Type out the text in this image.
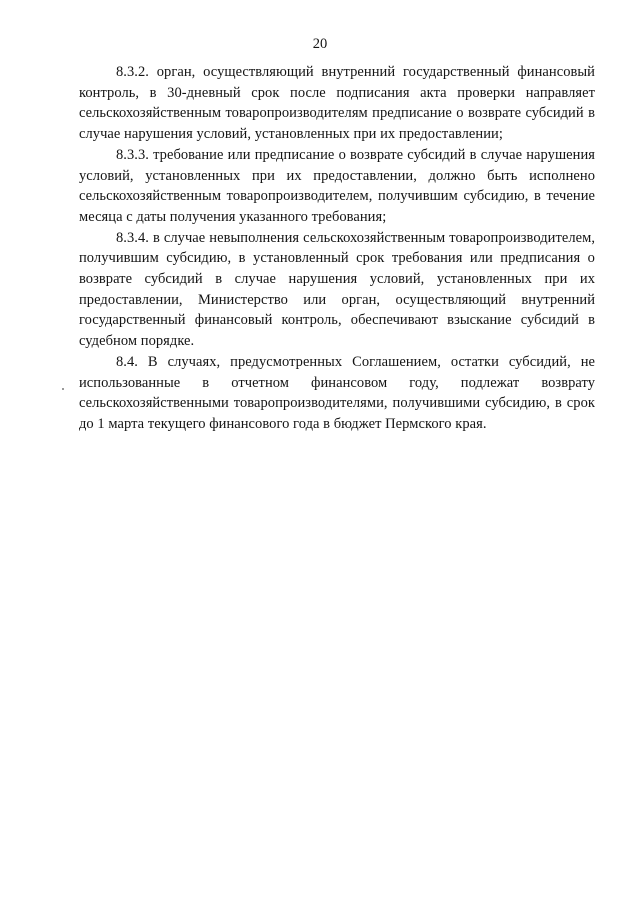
20

8.3.2. орган, осуществляющий внутренний государственный финансовый контроль, в 30-дневный срок после подписания акта проверки направляет сельскохозяйственным товаропроизводителям предписание о возврате субсидий в случае нарушения условий, установленных при их предоставлении;

8.3.3. требование или предписание о возврате субсидий в случае нарушения условий, установленных при их предоставлении, должно быть исполнено сельскохозяйственным товаропроизводителем, получившим субсидию, в течение месяца с даты получения указанного требования;

8.3.4. в случае невыполнения сельскохозяйственным товаропроизводителем, получившим субсидию, в установленный срок требования или предписания о возврате субсидий в случае нарушения условий, установленных при их предоставлении, Министерство или орган, осуществляющий внутренний государственный финансовый контроль, обеспечивают взыскание субсидий в судебном порядке.

8.4. В случаях, предусмотренных Соглашением, остатки субсидий, не использованные в отчетном финансовом году, подлежат возврату сельскохозяйственными товаропроизводителями, получившими субсидию, в срок до 1 марта текущего финансового года в бюджет Пермского края.
